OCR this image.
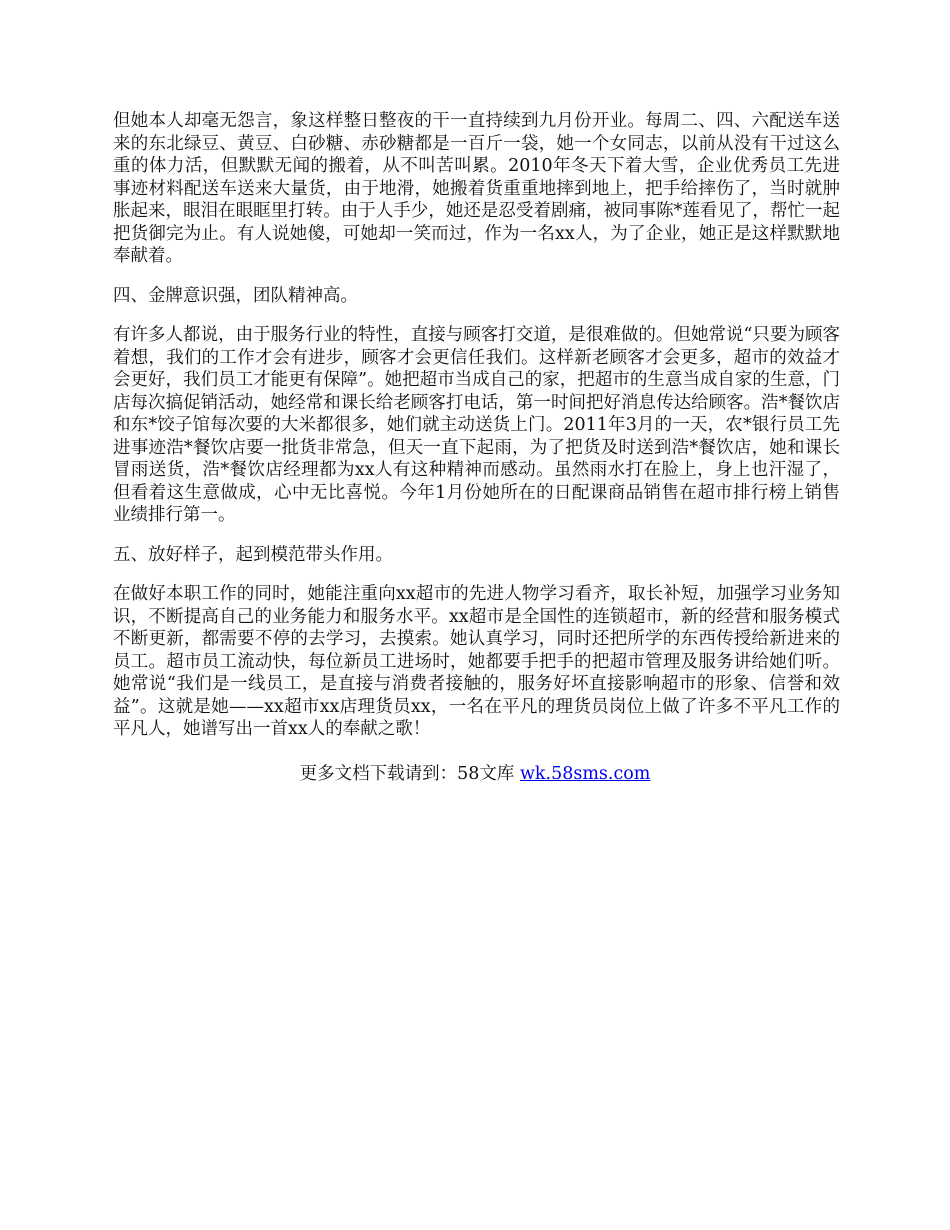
但她本人却毫无怨言，象这样整日整夜的干一直持续到九月份开业。每周二、四、六配送车送来的东北绿豆、黄豆、白砂糖、赤砂糖都是一百斤一袋，她一个女同志，以前从没有干过这么重的体力活，但默默无闻的搬着，从不叫苦叫累。2010年冬天下着大雪，企业优秀员工先进事迹材料配送车送来大量货，由于地滑，她搬着货重重地摔到地上，把手给摔伤了，当时就肿胀起来，眼泪在眼眶里打转。由于人手少，她还是忍受着剧痛，被同事陈*莲看见了，帮忙一起把货御完为止。有人说她傻，可她却一笑而过，作为一名xx人，为了企业，她正是这样默默地奉献着。

四、金牌意识强，团队精神高。

有许多人都说，由于服务行业的特性，直接与顾客打交道，是很难做的。但她常说“只要为顾客着想，我们的工作才会有进步，顾客才会更信任我们。这样新老顾客才会更多，超市的效益才会更好，我们员工才能更有保障”。她把超市当成自己的家，把超市的生意当成自家的生意，门店每次搞促销活动，她经常和课长给老顾客打电话，第一时间把好消息传达给顾客。浩*餐饮店和东*饺子馆每次要的大米都很多，她们就主动送货上门。2011年3月的一天，农*银行员工先进事迹浩*餐饮店要一批货非常急，但天一直下起雨，为了把货及时送到浩*餐饮店，她和课长冒雨送货，浩*餐饮店经理都为xx人有这种精神而感动。虽然雨水打在脸上，身上也汗湿了，但看着这生意做成，心中无比喜悦。今年1月份她所在的日配课商品销售在超市排行榜上销售业绩排行第一。

五、放好样子，起到模范带头作用。

在做好本职工作的同时，她能注重向xx超市的先进人物学习看齐，取长补短，加强学习业务知识，不断提高自己的业务能力和服务水平。xx超市是全国性的连锁超市，新的经营和服务模式不断更新，都需要不停的去学习，去摸索。她认真学习，同时还把所学的东西传授给新进来的员工。超市员工流动快，每位新员工进场时，她都要手把手的把超市管理及服务讲给她们听。她常说“我们是一线员工，是直接与消费者接触的，服务好坏直接影响超市的形象、信誉和效益”。这就是她——xx超市xx店理货员xx，一名在平凡的理货员岗位上做了许多不平凡工作的平凡人，她谱写出一首xx人的奉献之歌！

更多文档下载请到：58文库 wk.58sms.com
